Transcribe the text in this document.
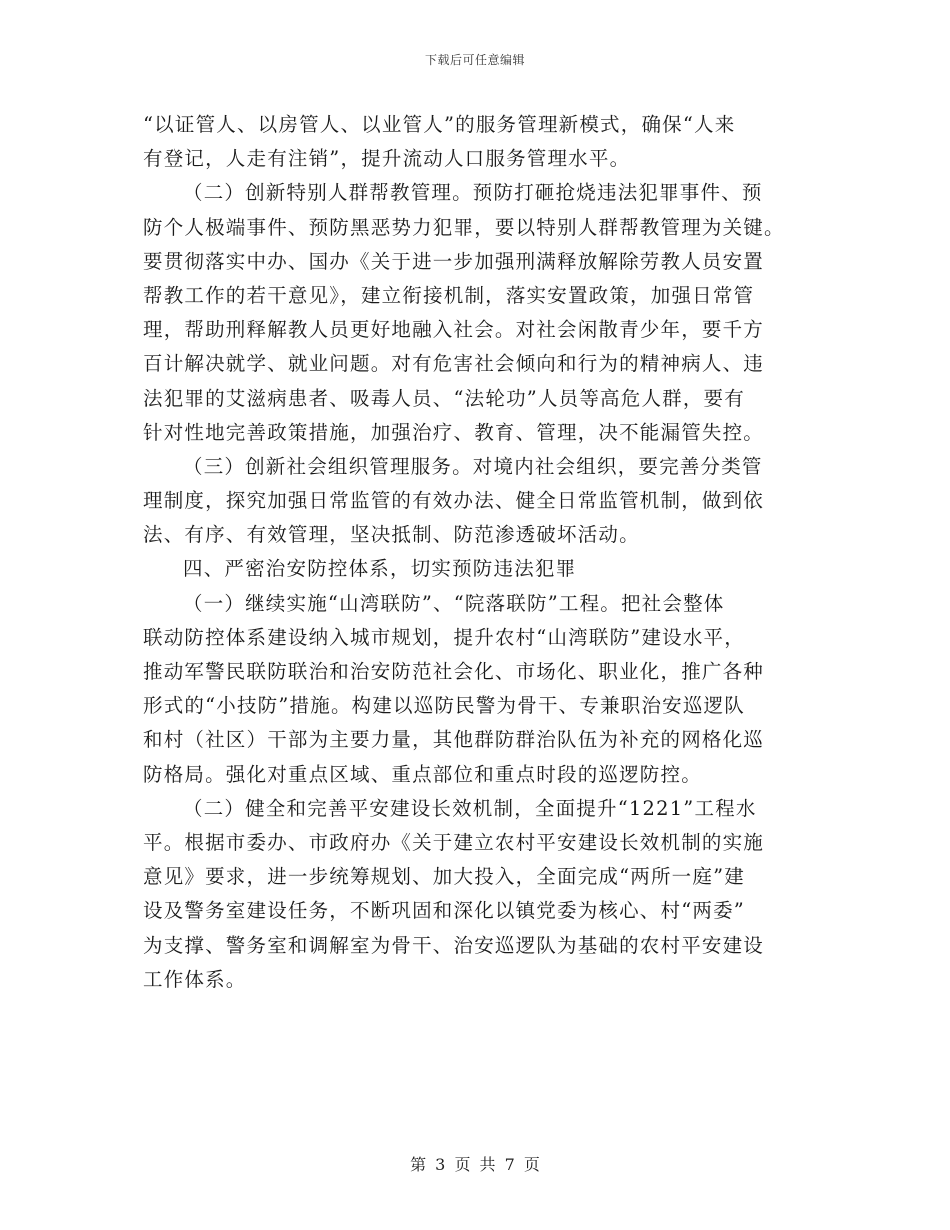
下载后可任意编辑
“以证管人、以房管人、以业管人”的服务管理新模式，确保“人来
有登记，人走有注销”，提升流动人口服务管理水平。
（二）创新特别人群帮教管理。预防打砸抢烧违法犯罪事件、预
防个人极端事件、预防黑恶势力犯罪，要以特别人群帮教管理为关键。
要贯彻落实中办、国办《关于进一步加强刑满释放解除劳教人员安置
帮教工作的若干意见》，建立衔接机制，落实安置政策，加强日常管
理，帮助刑释解教人员更好地融入社会。对社会闲散青少年，要千方
百计解决就学、就业问题。对有危害社会倾向和行为的精神病人、违
法犯罪的艾滋病患者、吸毒人员、“法轮功”人员等高危人群，要有
针对性地完善政策措施，加强治疗、教育、管理，决不能漏管失控。
（三）创新社会组织管理服务。对境内社会组织，要完善分类管
理制度，探究加强日常监管的有效办法、健全日常监管机制，做到依
法、有序、有效管理，坚决抵制、防范渗透破坏活动。
四、严密治安防控体系，切实预防违法犯罪
（一）继续实施“山湾联防”、“院落联防”工程。把社会整体
联动防控体系建设纳入城市规划，提升农村“山湾联防”建设水平，
推动军警民联防联治和治安防范社会化、市场化、职业化，推广各种
形式的“小技防”措施。构建以巡防民警为骨干、专兼职治安巡逻队
和村（社区）干部为主要力量，其他群防群治队伍为补充的网格化巡
防格局。强化对重点区域、重点部位和重点时段的巡逻防控。
（二）健全和完善平安建设长效机制，全面提升“1221”工程水
平。根据市委办、市政府办《关于建立农村平安建设长效机制的实施
意见》要求，进一步统筹规划、加大投入，全面完成“两所一庭”建
设及警务室建设任务，不断巩固和深化以镇党委为核心、村“两委”
为支撑、警务室和调解室为骨干、治安巡逻队为基础的农村平安建设
工作体系。
第 3 页 共 7 页
